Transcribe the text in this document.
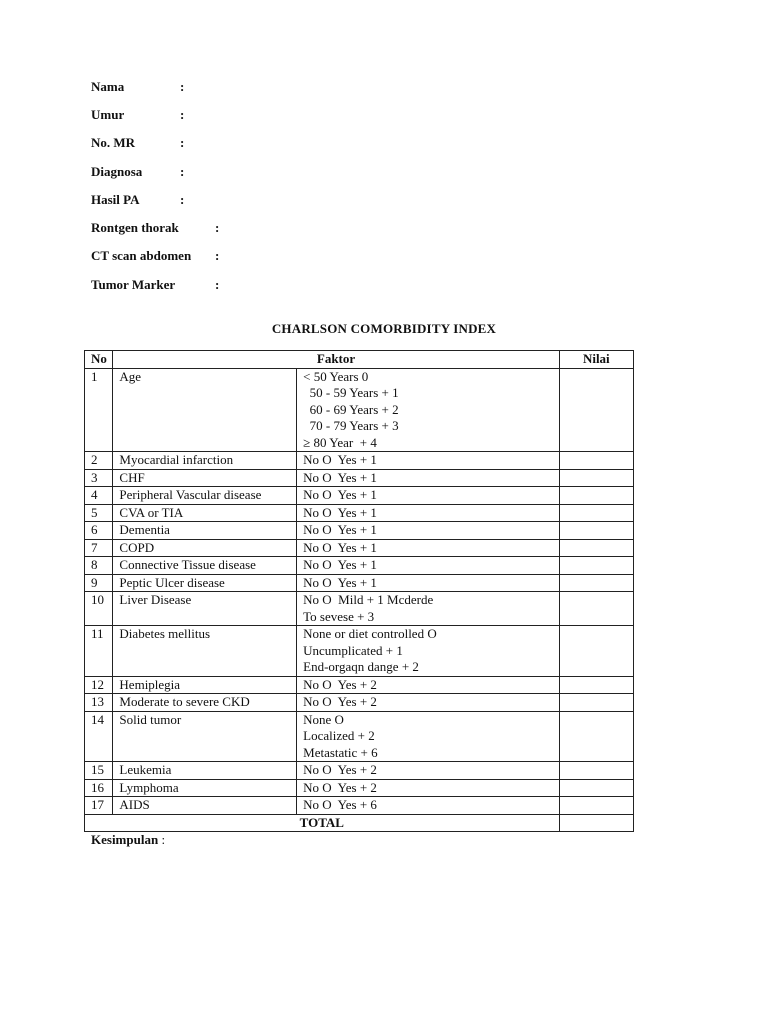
Nama	:
Umur	:
No. MR	:
Diagnosa	:
Hasil PA	:
Rontgen thorak	:
CT scan abdomen :
Tumor Marker	:
CHARLSON COMORBIDITY INDEX
No	Faktor		Nilai
1	Age	< 50 Years 0
50 - 59 Years + 1
60 - 69 Years + 2
70 - 79 Years + 3
≥ 80 Year  + 4	

2	Myocardial infarction	No O  Yes + 1	

3	CHF	No O  Yes + 1	

4	Peripheral Vascular disease	No O  Yes + 1	

5	CVA or TIA	No O  Yes + 1	

6	Dementia	No O  Yes + 1	

7	COPD	No O  Yes + 1	

8	Connective Tissue disease	No O  Yes + 1	

9	Peptic Ulcer disease	No O  Yes + 1	

10	Liver Disease	No O  Mild + 1 Mcderde
To sevese + 3	

11	Diabetes mellitus	None or diet controlled O
Uncumplicated + 1
End-orgaqn dange + 2	

12	Hemiplegia	No O  Yes + 2	

13	Moderate to severe CKD	No O  Yes + 2	

14	Solid tumor	None O
Localized + 2
Metastatic + 6	

15	Leukemia	No O  Yes + 2	

16	Lymphoma	No O  Yes + 2	

17	AIDS	No O  Yes + 6	

TOTAL			
Kesimpulan :
